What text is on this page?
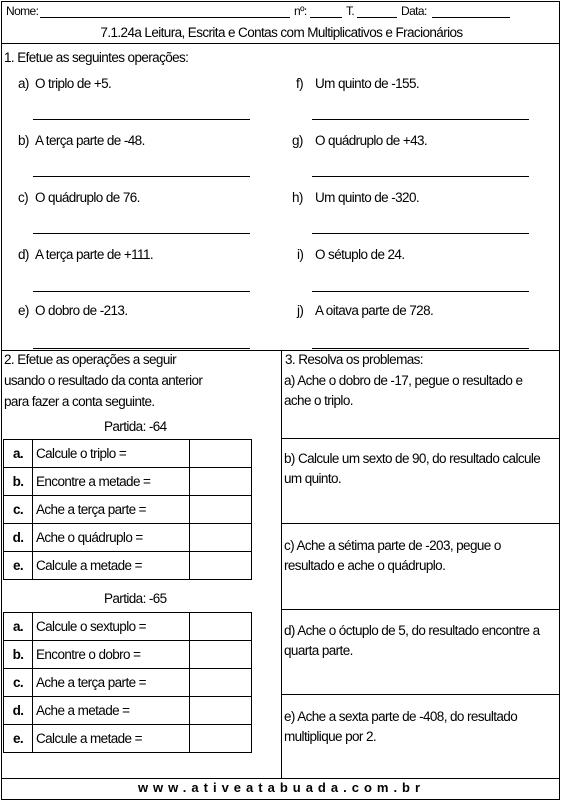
Nome:	nº:	T.	Data:
7.1.24a Leitura, Escrita e Contas com Multiplicativos e Fracionários
1. Efetue as seguintes operações:
a) O triplo de +5.
b) A terça parte de -48.
c) O quádruplo de 76.
d) A terça parte de +111.
e) O dobro de -213.
f) Um quinto de -155.
g) O quádruplo de +43.
h) Um quinto de -320.
i) O sétuplo de 24.
j) A oitava parte de 728.
2. Efetue as operações a seguir
usando o resultado da conta anterior
para fazer a conta seguinte.
Partida: -64
a.	Calcule o triplo =	
b.	Encontre a metade =	
c.	Ache a terça parte =	
d.	Ache o quádruplo =	
e.	Calcule a metade =	
Partida: -65
a.	Calcule o sextuplo =	
b.	Encontre o dobro =	
c.	Ache a terça parte =	
d.	Ache a metade =	
e.	Calcule a metade =	
3. Resolva os problemas:
a) Ache o dobro de -17, pegue o resultado e ache o triplo.
b) Calcule um sexto de 90, do resultado calcule um quinto.
c) Ache a sétima parte de -203, pegue o resultado e ache o quádruplo.
d) Ache o óctuplo de 5, do resultado encontre a quarta parte.
e) Ache a sexta parte de -408, do resultado multiplique por 2.
www.ativeatabuada.com.br
